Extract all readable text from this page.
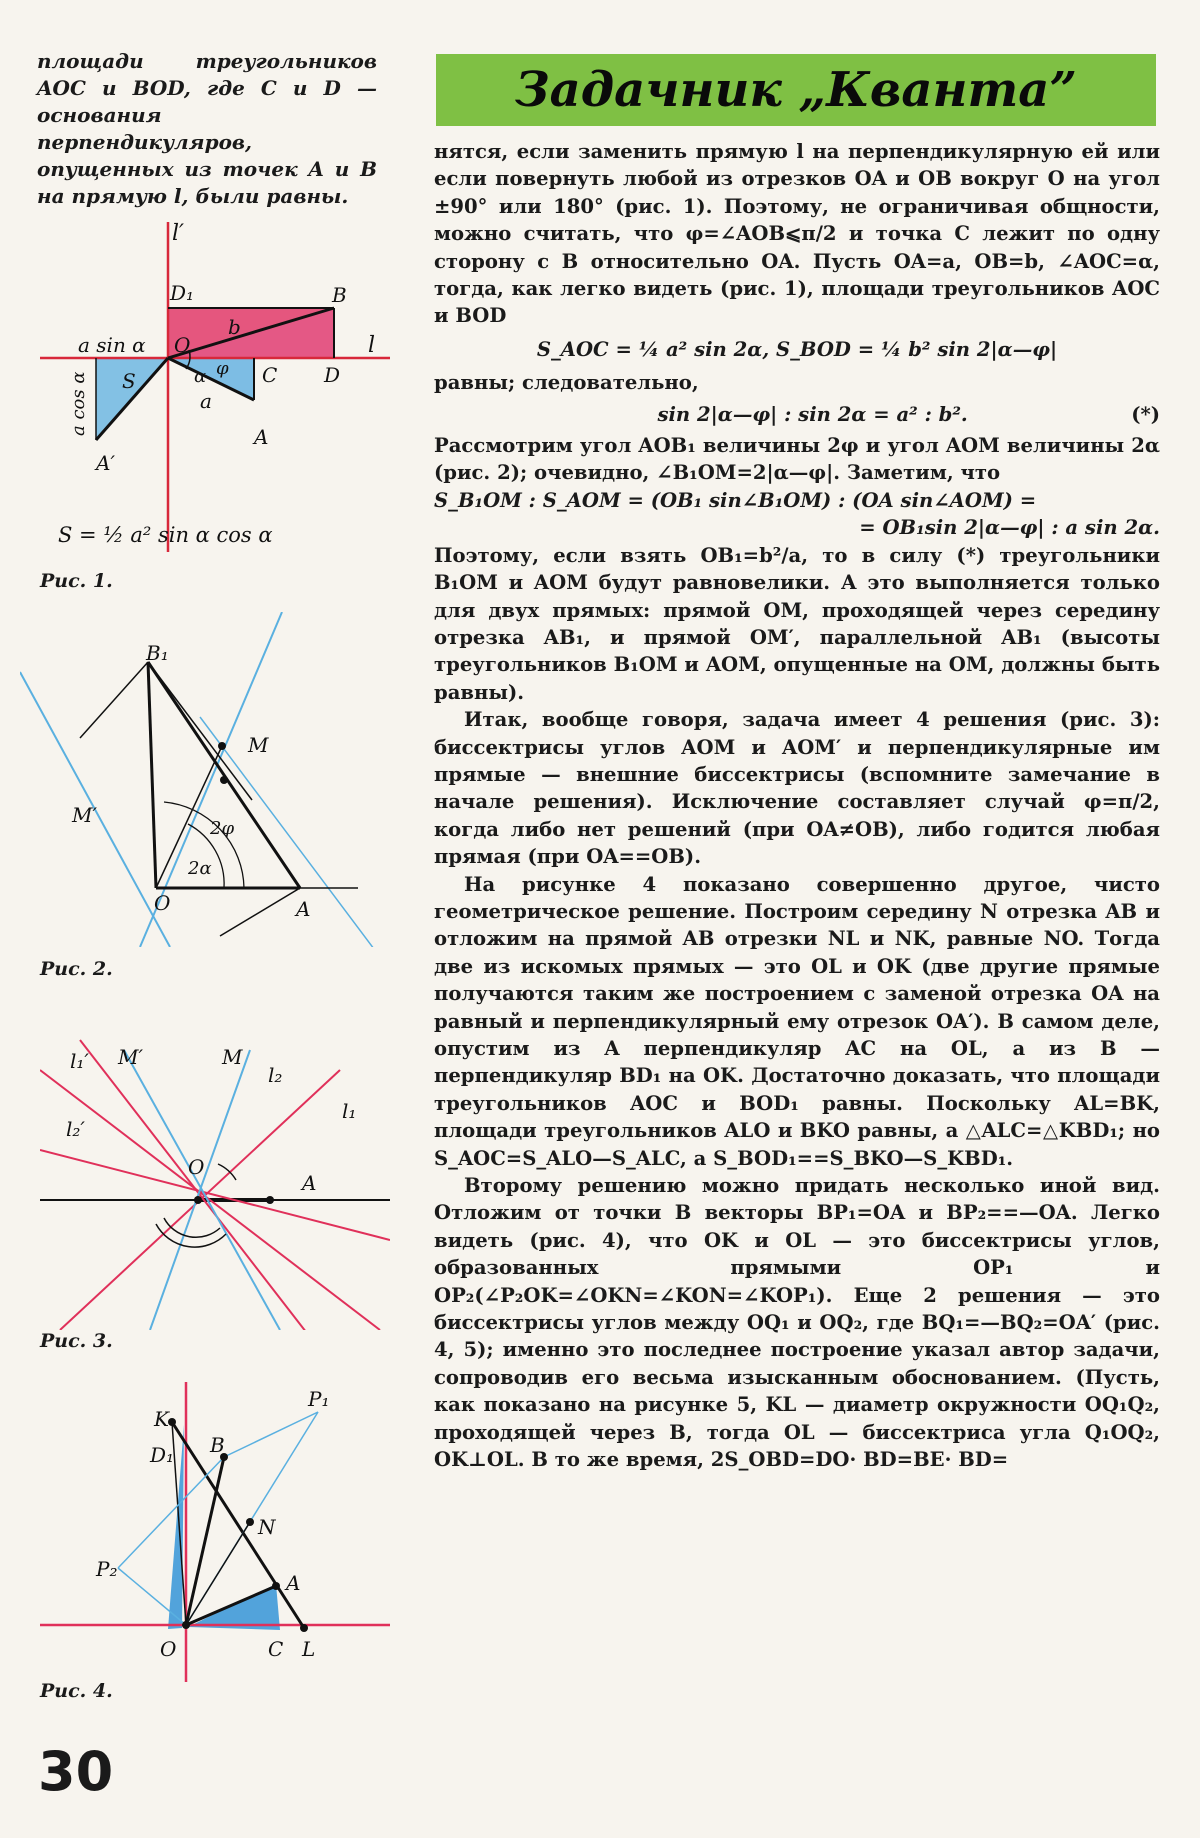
площади треугольников AOC и BOD, где C и D — основания перпендикуляров, опущенных из точек A и B на прямую l, были равны.
l′
D₁	B
O
b
a sin α	l
S	α φ C D
a
A
A′
a cos α
S = ½ a² sin α cos α
Рис. 1.
B₁
M
M′
2φ
2α
O	A
Рис. 2.
l₁′ M′	M
l₂
l₁
l₂′
O
A
Рис. 3.
K
P₁
B
D₁
P₂
N
A
O	C L
Рис. 4.
30
Задачник „Кванта”

нятся, если заменить прямую l на перпендикулярную ей или если повернуть любой из отрезков OA и OB вокруг O на угол ±90° или 180° (рис. 1). Поэтому, не ограничивая общности, можно считать, что φ=∠AOB⩽π/2 и точка C лежит по одну сторону с B относительно OA. Пусть OA=a, OB=b, ∠AOC=α, тогда, как легко видеть (рис. 1), площади треугольников AOC и BOD

S_AOC = ¼ a² sin 2α, S_BOD = ¼ b² sin 2|α—φ|

равны; следовательно,

sin 2|α—φ| : sin 2α = a² : b².	(*)

Рассмотрим угол AOB₁ величины 2φ и угол AOM величины 2α (рис. 2); очевидно, ∠B₁OM=2|α—φ|. Заметим, что

S_B₁OM : S_AOM = (OB₁ sin∠B₁OM) : (OA sin∠AOM) =
= OB₁sin 2|α—φ| : a sin 2α.

Поэтому, если взять OB₁=b²/a, то в силу (*) треугольники B₁OM и AOM будут равновелики. А это выполняется только для двух прямых: прямой OM, проходящей через середину отрезка AB₁, и прямой OM′, параллельной AB₁ (высоты треугольников B₁OM и AOM, опущенные на OM, должны быть равны).

Итак, вообще говоря, задача имеет 4 решения (рис. 3): биссектрисы углов AOM и AOM′ и перпендикулярные им прямые — внешние биссектрисы (вспомните замечание в начале решения). Исключение составляет случай φ=π/2, когда либо нет решений (при OA≠OB), либо годится любая прямая (при OA==OB).

На рисунке 4 показано совершенно другое, чисто геометрическое решение. Построим середину N отрезка AB и отложим на прямой AB отрезки NL и NK, равные NO. Тогда две из искомых прямых — это OL и OK (две другие прямые получаются таким же построением с заменой отрезка OA на равный и перпендикулярный ему отрезок OA′). В самом деле, опустим из A перпендикуляр AC на OL, а из B — перпендикуляр BD₁ на OK. Достаточно доказать, что площади треугольников AOC и BOD₁ равны. Поскольку AL=BK, площади треугольников ALO и BKO равны, а △ALC=△KBD₁; но S_AOC=S_ALO—S_ALC, а S_BOD₁==S_BKO—S_KBD₁.

Второму решению можно придать несколько иной вид. Отложим от точки B векторы BP₁=OA и BP₂==—OA. Легко видеть (рис. 4), что OK и OL — это биссектрисы углов, образованных прямыми OP₁ и OP₂(∠P₂OK=∠OKN=∠KON=∠KOP₁). Еще 2 решения — это биссектрисы углов между OQ₁ и OQ₂, где BQ₁=—BQ₂=OA′ (рис. 4, 5); именно это последнее построение указал автор задачи, сопроводив его весьма изысканным обоснованием. (Пусть, как показано на рисунке 5, KL — диаметр окружности OQ₁Q₂, проходящей через B, тогда OL — биссектриса угла Q₁OQ₂, OK⊥OL. В то же время, 2S_OBD=DO· BD=BE· BD=
